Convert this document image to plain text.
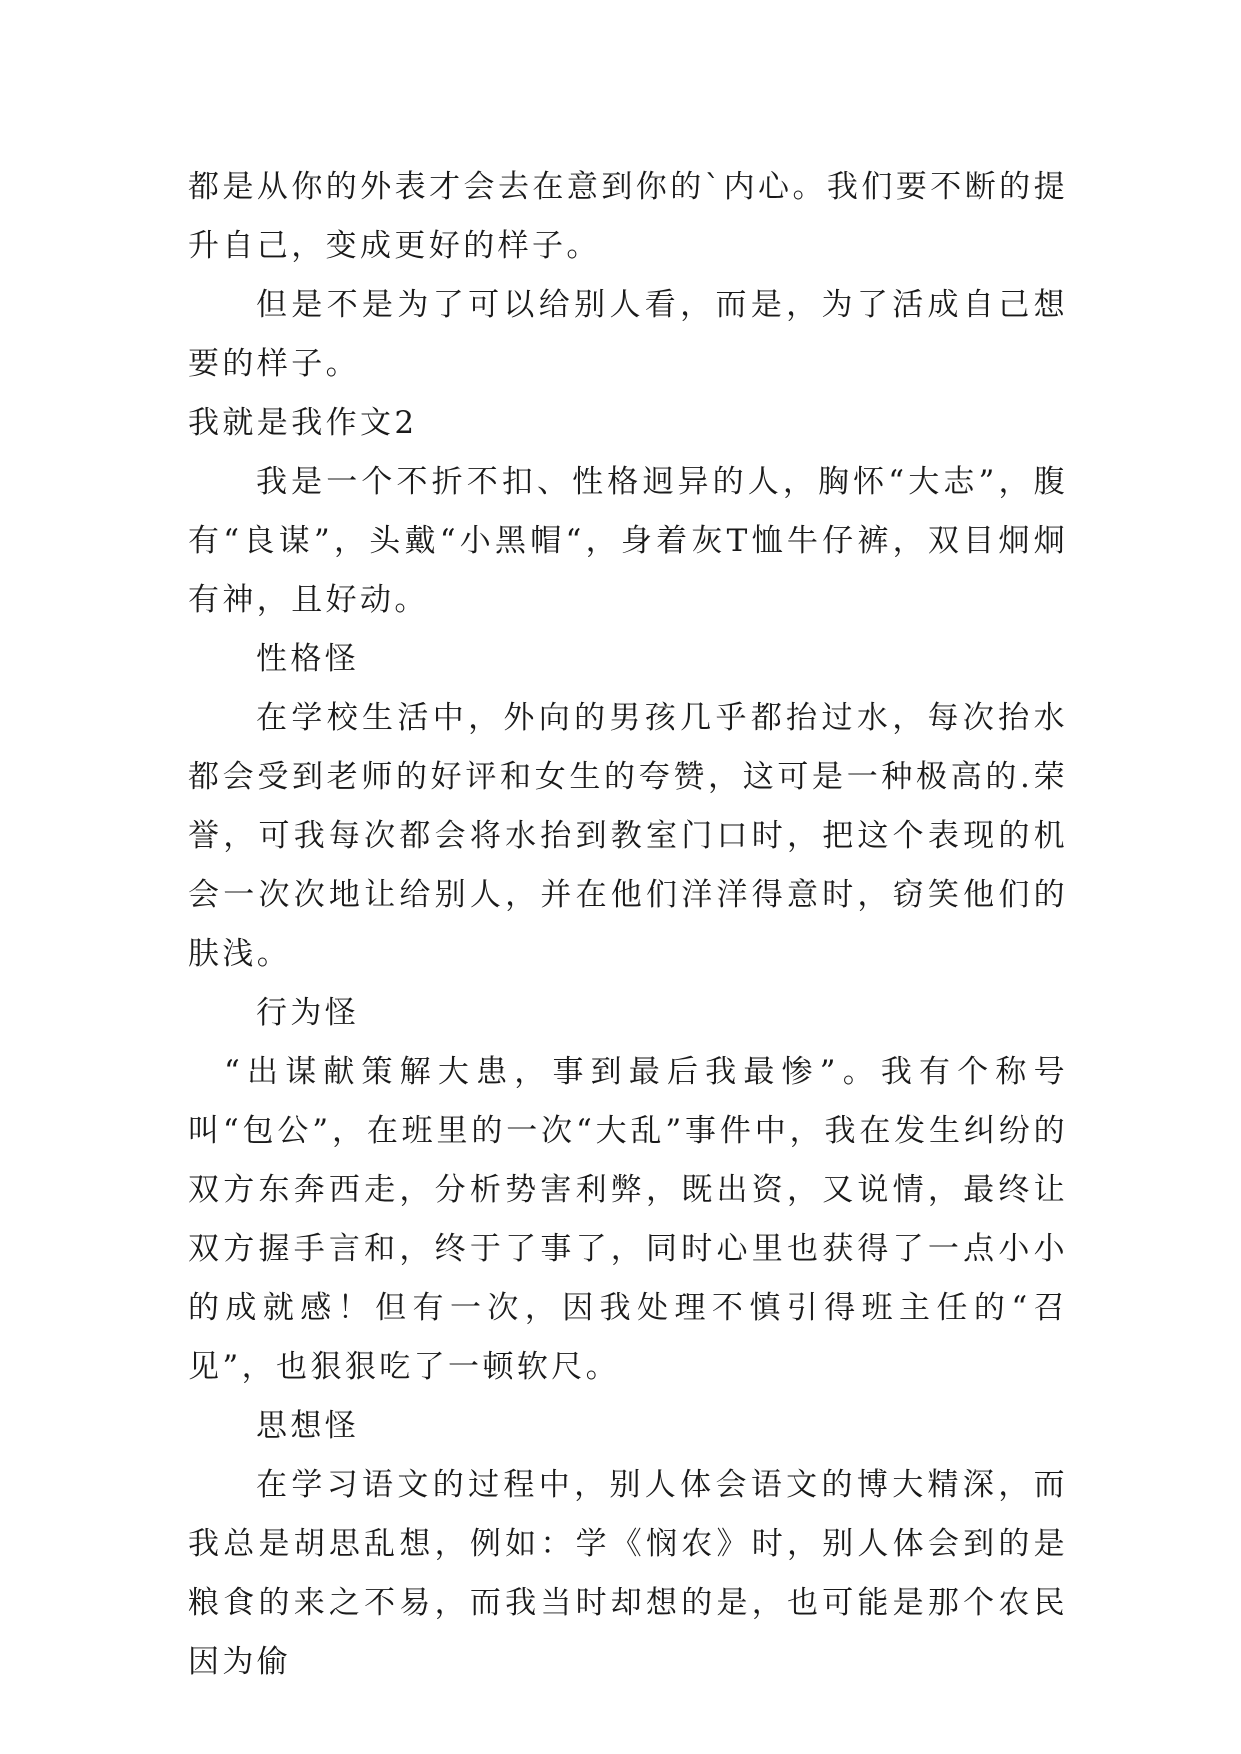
都是从你的外表才会去在意到你的`内心。我们要不断的提升自己，变成更好的样子。

但是不是为了可以给别人看，而是，为了活成自己想要的样子。

我就是我作文2

我是一个不折不扣、性格迥异的人，胸怀“大志”，腹有“良谋”，头戴“小黑帽“，身着灰T恤牛仔裤，双目炯炯有神，且好动。

性格怪

在学校生活中，外向的男孩几乎都抬过水，每次抬水都会受到老师的好评和女生的夸赞，这可是一种极高的.荣誉，可我每次都会将水抬到教室门口时，把这个表现的机会一次次地让给别人，并在他们洋洋得意时，窃笑他们的肤浅。

行为怪

“出谋献策解大患，事到最后我最惨”。我有个称号叫“包公”，在班里的一次“大乱”事件中，我在发生纠纷的双方东奔西走，分析势害利弊，既出资，又说情，最终让双方握手言和，终于了事了，同时心里也获得了一点小小的成就感！但有一次，因我处理不慎引得班主任的“召见”，也狠狠吃了一顿软尺。

思想怪

在学习语文的过程中，别人体会语文的博大精深，而我总是胡思乱想，例如：学《悯农》时，别人体会到的是粮食的来之不易，而我当时却想的是，也可能是那个农民因为偷
